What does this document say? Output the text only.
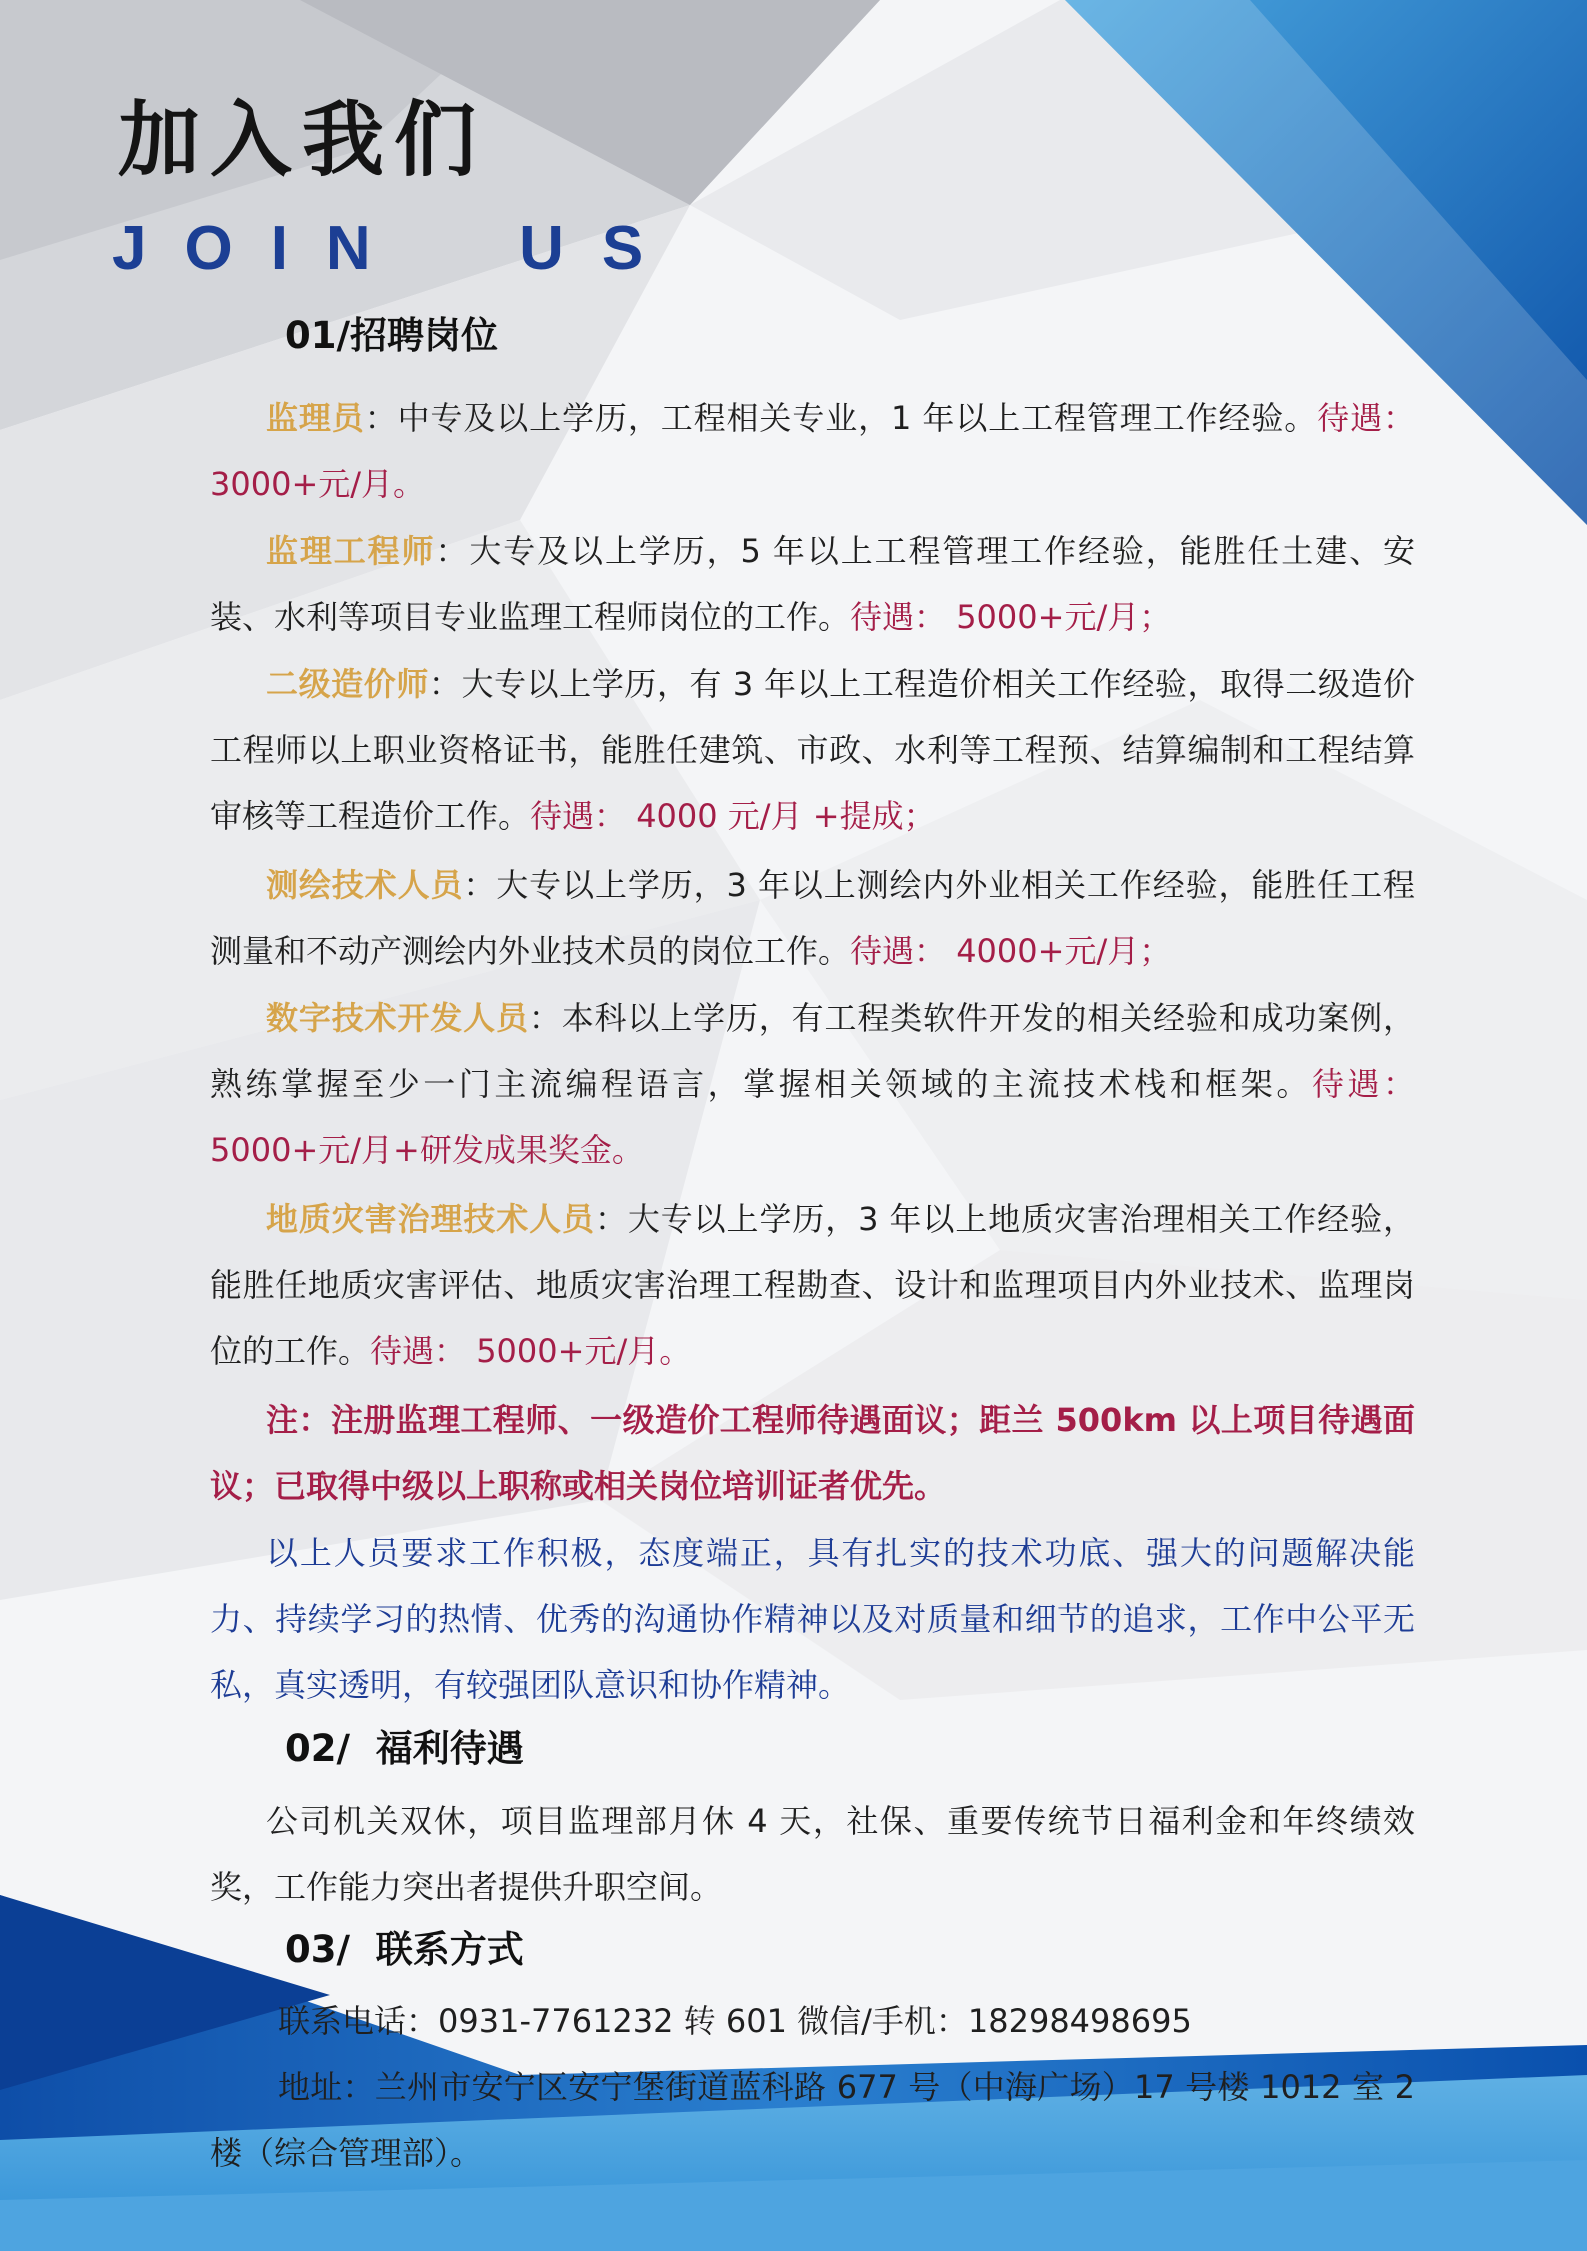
加入我们
JOIN  US
01/招聘岗位

监理员：中专及以上学历，工程相关专业，1 年以上工程管理工作经验。待遇：3000+元/月。

监理工程师：大专及以上学历，5 年以上工程管理工作经验，能胜任土建、安装、水利等项目专业监理工程师岗位的工作。待遇： 5000+元/月；

二级造价师：大专以上学历，有 3 年以上工程造价相关工作经验，取得二级造价工程师以上职业资格证书，能胜任建筑、市政、水利等工程预、结算编制和工程结算审核等工程造价工作。待遇： 4000 元/月 +提成；

测绘技术人员：大专以上学历，3 年以上测绘内外业相关工作经验，能胜任工程测量和不动产测绘内外业技术员的岗位工作。待遇： 4000+元/月；

数字技术开发人员：本科以上学历，有工程类软件开发的相关经验和成功案例，熟练掌握至少一门主流编程语言，掌握相关领域的主流技术栈和框架。待遇： 5000+元/月+研发成果奖金。

地质灾害治理技术人员：大专以上学历，3 年以上地质灾害治理相关工作经验，能胜任地质灾害评估、地质灾害治理工程勘查、设计和监理项目内外业技术、监理岗位的工作。待遇： 5000+元/月。

注：注册监理工程师、一级造价工程师待遇面议；距兰 500km 以上项目待遇面议；已取得中级以上职称或相关岗位培训证者优先。

以上人员要求工作积极，态度端正，具有扎实的技术功底、强大的问题解决能力、持续学习的热情、优秀的沟通协作精神以及对质量和细节的追求，工作中公平无私，真实透明，有较强团队意识和协作精神。

02/  福利待遇

公司机关双休，项目监理部月休 4 天，社保、重要传统节日福利金和年终绩效奖，工作能力突出者提供升职空间。

03/  联系方式

联系电话：0931-7761232 转 601 微信/手机：18298498695

地址：兰州市安宁区安宁堡街道蓝科路 677 号（中海广场）17 号楼 1012 室 2 楼（综合管理部）。
